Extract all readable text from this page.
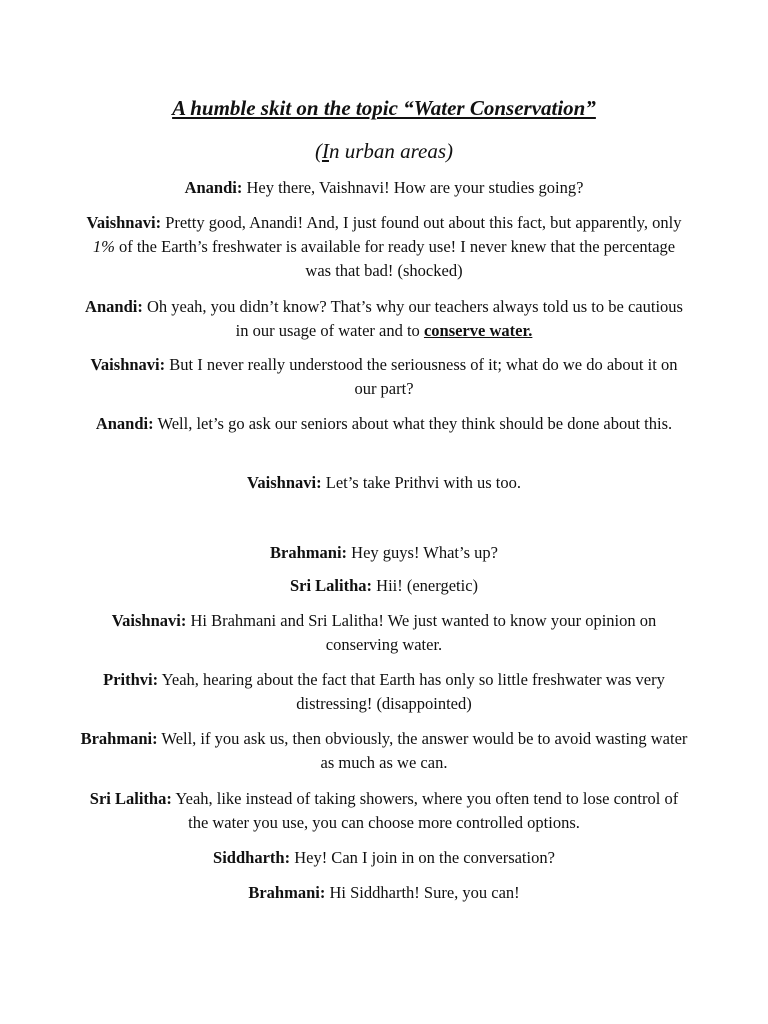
A humble skit on the topic “Water Conservation”

(In urban areas)

Anandi: Hey there, Vaishnavi! How are your studies going?

Vaishnavi: Pretty good, Anandi! And, I just found out about this fact, but apparently, only 1% of the Earth’s freshwater is available for ready use! I never knew that the percentage was that bad! (shocked)

Anandi: Oh yeah, you didn’t know? That’s why our teachers always told us to be cautious in our usage of water and to conserve water.

Vaishnavi: But I never really understood the seriousness of it; what do we do about it on our part?

Anandi: Well, let’s go ask our seniors about what they think should be done about this.

Vaishnavi: Let’s take Prithvi with us too.

Brahmani: Hey guys! What’s up?

Sri Lalitha: Hii! (energetic)

Vaishnavi: Hi Brahmani and Sri Lalitha! We just wanted to know your opinion on conserving water.

Prithvi: Yeah, hearing about the fact that Earth has only so little freshwater was very distressing! (disappointed)

Brahmani: Well, if you ask us, then obviously, the answer would be to avoid wasting water as much as we can.

Sri Lalitha: Yeah, like instead of taking showers, where you often tend to lose control of the water you use, you can choose more controlled options.

Siddharth: Hey! Can I join in on the conversation?

Brahmani: Hi Siddharth! Sure, you can!
